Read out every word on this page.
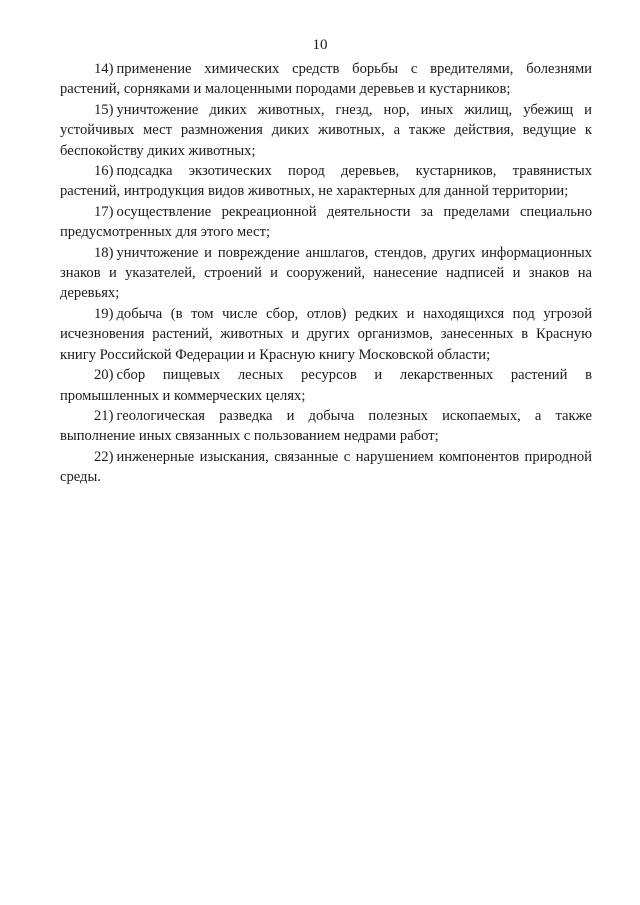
10

14) применение химических средств борьбы с вредителями, болезнями растений, сорняками и малоценными породами деревьев и кустарников;

15) уничтожение диких животных, гнезд, нор, иных жилищ, убежищ и устойчивых мест размножения диких животных, а также действия, ведущие к беспокойству диких животных;

16) подсадка экзотических пород деревьев, кустарников, травянистых растений, интродукция видов животных, не характерных для данной территории;

17) осуществление рекреационной деятельности за пределами специально предусмотренных для этого мест;

18) уничтожение и повреждение аншлагов, стендов, других информационных знаков и указателей, строений и сооружений, нанесение надписей и знаков на деревьях;

19) добыча (в том числе сбор, отлов) редких и находящихся под угрозой исчезновения растений, животных и других организмов, занесенных в Красную книгу Российской Федерации и Красную книгу Московской области;

20) сбор пищевых лесных ресурсов и лекарственных растений в промышленных и коммерческих целях;

21) геологическая разведка и добыча полезных ископаемых, а также выполнение иных связанных с пользованием недрами работ;

22) инженерные изыскания, связанные с нарушением компонентов природной среды.
